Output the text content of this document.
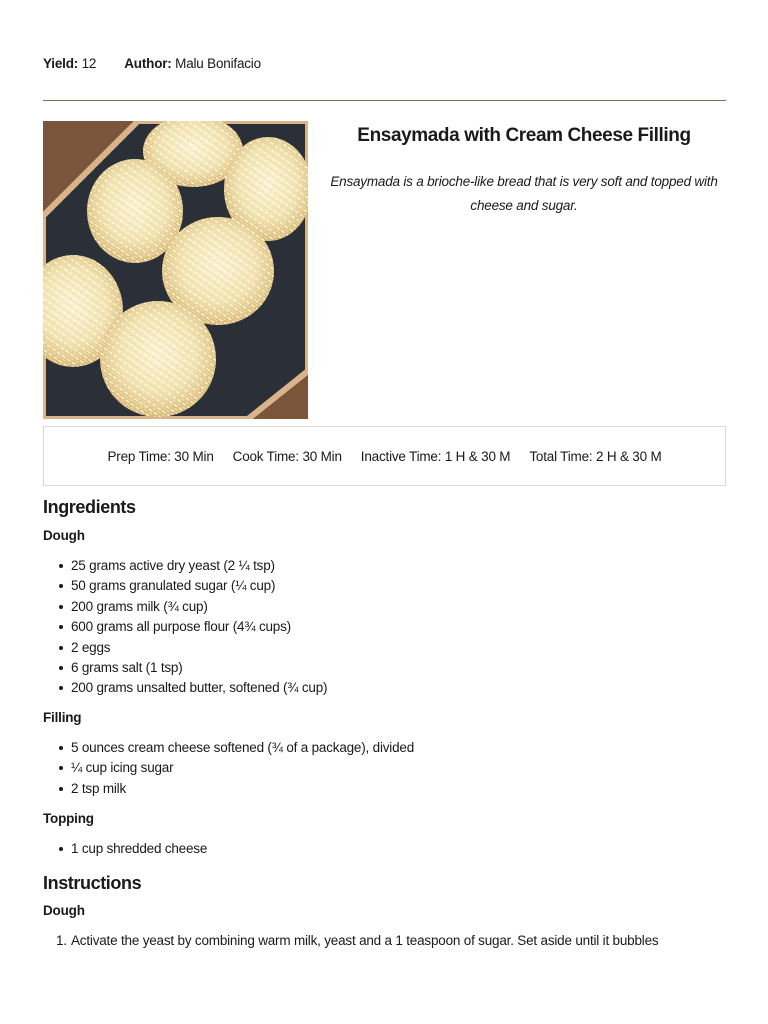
Yield: 12 Author: Malu Bonifacio
Ensaymada with Cream Cheese Filling
Ensaymada is a brioche-like bread that is very soft and topped with cheese and sugar.
Prep Time: 30 Min Cook Time: 30 Min Inactive Time: 1 H & 30 M Total Time: 2 H & 30 M
Ingredients
Dough
25 grams active dry yeast (2 ¼ tsp)
50 grams granulated sugar (¼ cup)
200 grams milk (¾ cup)
600 grams all purpose flour (4¾ cups)
2 eggs
6 grams salt (1 tsp)
200 grams unsalted butter, softened (¾ cup)
Filling
5 ounces cream cheese softened (¾ of a package), divided
¼ cup icing sugar
2 tsp milk
Topping
1 cup shredded cheese
Instructions
Dough
1. Activate the yeast by combining warm milk, yeast and a 1 teaspoon of sugar. Set aside until it bubbles
